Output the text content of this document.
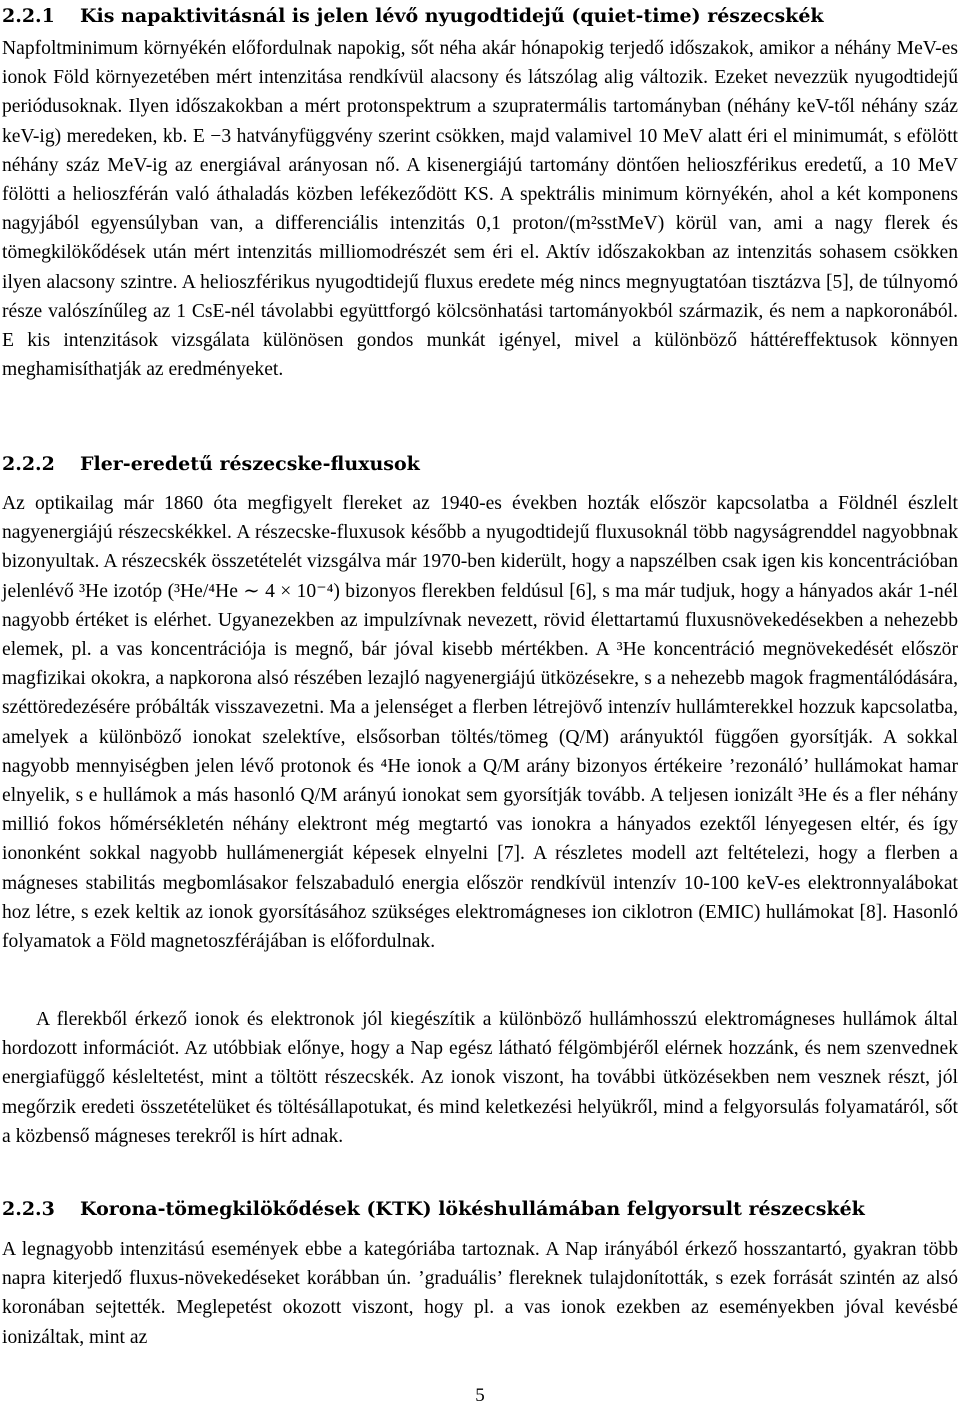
2.2.1 Kis napaktivitásnál is jelen lévő nyugodtidejű (quiet-time) részecskék

Napfoltminimum környékén előfordulnak napokig, sőt néha akár hónapokig terjedő időszakok, amikor a néhány MeV-es ionok Föld környezetében mért intenzitása rendkívül alacsony és látszólag alig változik. Ezeket nevezzük nyugodtidejű periódusoknak. Ilyen időszakokban a mért protonspektrum a szupratermális tartományban (néhány keV-től néhány száz keV-ig) meredeken, kb. E −3 hatványfüggvény szerint csökken, majd valamivel 10 MeV alatt éri el minimumát, s efölött néhány száz MeV-ig az energiával arányosan nő. A kisenergiájú tartomány döntően helioszférikus eredetű, a 10 MeV fölötti a helioszférán való áthaladás közben lefékeződött KS. A spektrális minimum környékén, ahol a két komponens nagyjából egyensúlyban van, a differenciális intenzitás 0,1 proton/(m²sstMeV) körül van, ami a nagy flerek és tömegkilökődések után mért intenzitás milliomodrészét sem éri el. Aktív időszakokban az intenzitás sohasem csökken ilyen alacsony szintre. A helioszférikus nyugodtidejű fluxus eredete még nincs megnyugtatóan tisztázva [5], de túlnyomó része valószínűleg az 1 CsE-nél távolabbi együttforgó kölcsönhatási tartományokból származik, és nem a napkoronából. E kis intenzitások vizsgálata különösen gondos munkát igényel, mivel a különböző háttéreffektusok könnyen meghamisíthatják az eredményeket.

2.2.2 Fler-eredetű részecske-fluxusok

Az optikailag már 1860 óta megfigyelt flereket az 1940-es években hozták először kapcsolatba a Földnél észlelt nagyenergiájú részecskékkel. A részecske-fluxusok később a nyugodtidejű fluxusoknál több nagyságrenddel nagyobbnak bizonyultak. A részecskék összetételét vizsgálva már 1970-ben kiderült, hogy a napszélben csak igen kis koncentrációban jelenlévő ³He izotóp (³He/⁴He ∼ 4 × 10⁻⁴) bizonyos flerekben feldúsul [6], s ma már tudjuk, hogy a hányados akár 1-nél nagyobb értéket is elérhet. Ugyanezekben az impulzívnak nevezett, rövid élettartamú fluxusnövekedésekben a nehezebb elemek, pl. a vas koncentrációja is megnő, bár jóval kisebb mértékben. A ³He koncentráció megnövekedését először magfizikai okokra, a napkorona alsó részében lezajló nagyenergiájú ütközésekre, s a nehezebb magok fragmentálódására, széttöredezésére próbálták visszavezetni. Ma a jelenséget a flerben létrejövő intenzív hullámterekkel hozzuk kapcsolatba, amelyek a különböző ionokat szelektíve, elsősorban töltés/tömeg (Q/M) arányuktól függően gyorsítják. A sokkal nagyobb mennyiségben jelen lévő protonok és ⁴He ionok a Q/M arány bizonyos értékeire ’rezonáló’ hullámokat hamar elnyelik, s e hullámok a más hasonló Q/M arányú ionokat sem gyorsítják tovább. A teljesen ionizált ³He és a fler néhány millió fokos hőmérsékletén néhány elektront még megtartó vas ionokra a hányados ezektől lényegesen eltér, és így iononként sokkal nagyobb hullámenergiát képesek elnyelni [7]. A részletes modell azt feltételezi, hogy a flerben a mágneses stabilitás megbomlásakor felszabaduló energia először rendkívül intenzív 10-100 keV-es elektronnyalábokat hoz létre, s ezek keltik az ionok gyorsításához szükséges elektromágneses ion ciklotron (EMIC) hullámokat [8]. Hasonló folyamatok a Föld magnetoszférájában is előfordulnak.

A flerekből érkező ionok és elektronok jól kiegészítik a különböző hullámhosszú elektromágneses hullámok által hordozott információt. Az utóbbiak előnye, hogy a Nap egész látható félgömbjéről elérnek hozzánk, és nem szenvednek energiafüggő késleltetést, mint a töltött részecskék. Az ionok viszont, ha további ütközésekben nem vesznek részt, jól megőrzik eredeti összetételüket és töltésállapotukat, és mind keletkezési helyükről, mind a felgyorsulás folyamatáról, sőt a közbenső mágneses terekről is hírt adnak.

2.2.3 Korona-tömegkilökődések (KTK) lökéshullámában felgyorsult részecskék

A legnagyobb intenzitású események ebbe a kategóriába tartoznak. A Nap irányából érkező hosszantartó, gyakran több napra kiterjedő fluxus-növekedéseket korábban ún. ’graduális’ flereknek tulajdonították, s ezek forrását szintén az alsó koronában sejtették. Meglepetést okozott viszont, hogy pl. a vas ionok ezekben az eseményekben jóval kevésbé ionizáltak, mint az

5
